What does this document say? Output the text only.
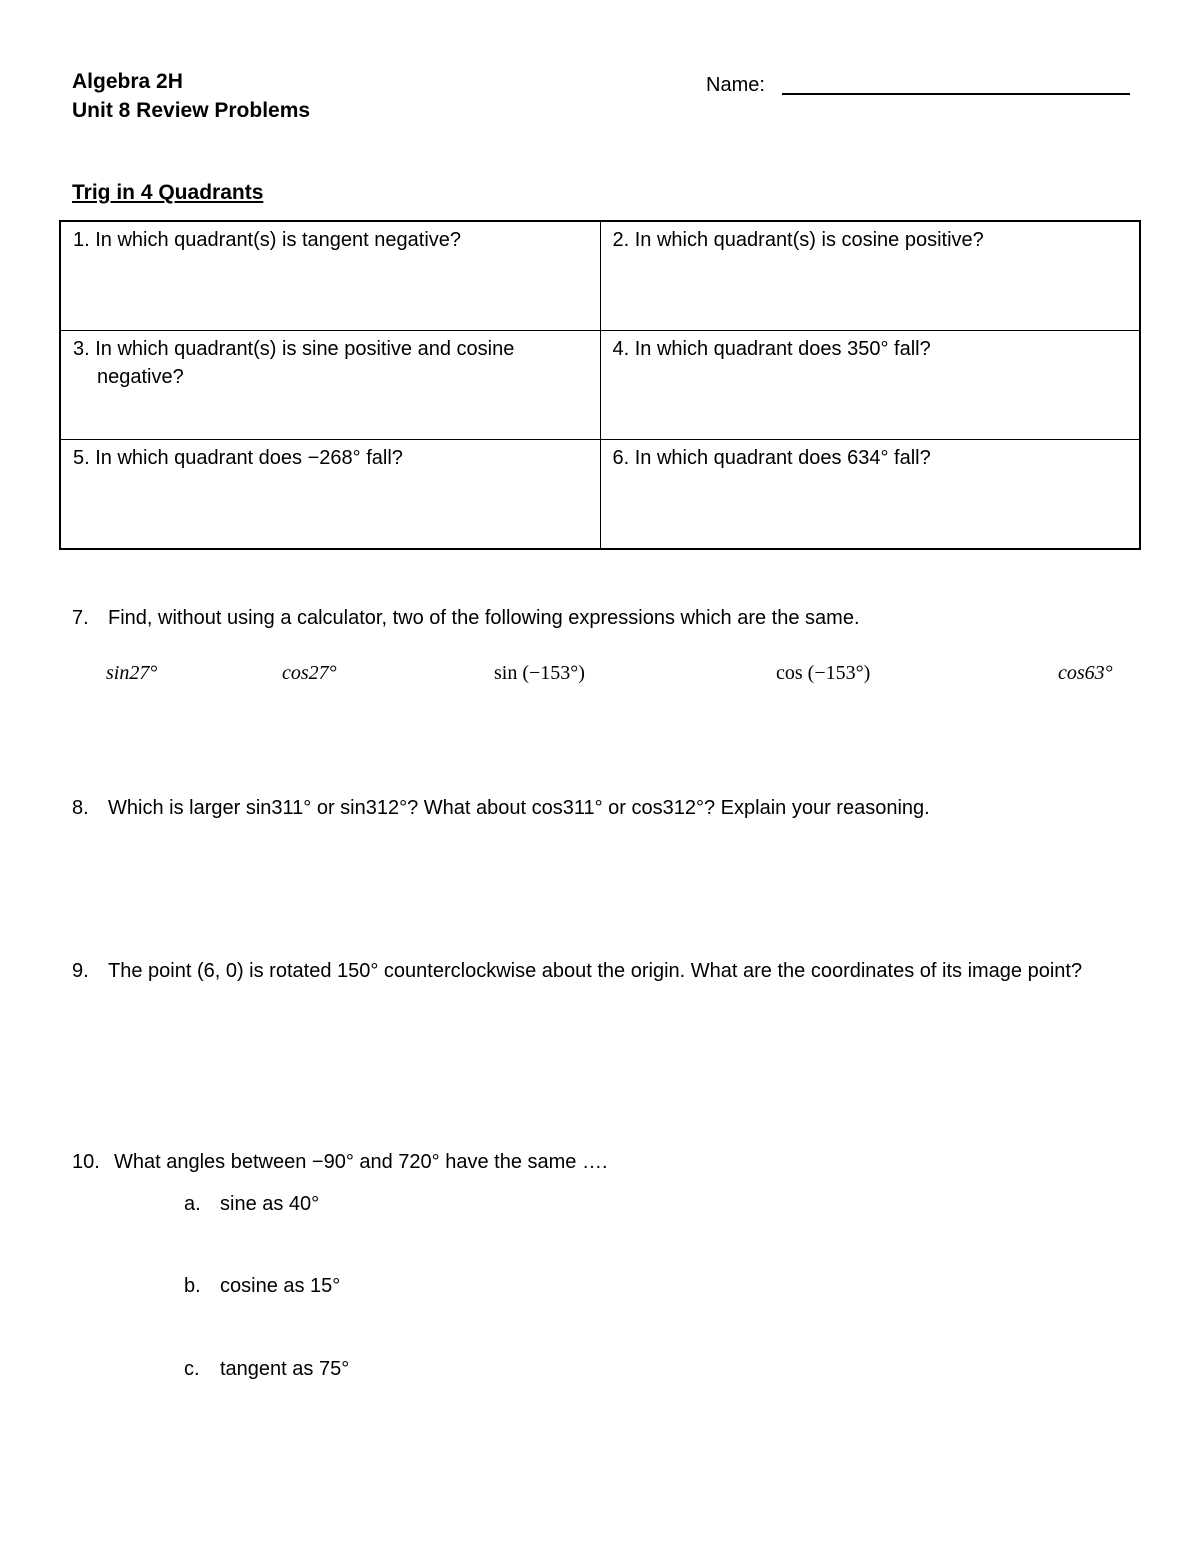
Algebra 2H
Unit 8 Review Problems
Name:
Trig in 4 Quadrants
1. In which quadrant(s) is tangent negative?	2. In which quadrant(s) is cosine positive?

3. In which quadrant(s) is sine positive and cosine negative?	4. In which quadrant does 350° fall?

5. In which quadrant does −268° fall?	6. In which quadrant does 634° fall?
7. Find, without using a calculator, two of the following expressions which are the same.
sin27°	cos27°	sin (−153°)	cos (−153°)	cos63°
8. Which is larger sin311° or sin312°? What about cos311° or cos312°? Explain your reasoning.
9. The point (6, 0) is rotated 150° counterclockwise about the origin. What are the coordinates of its image point?
10. What angles between −90° and 720° have the same ….
a. sine as 40°
b. cosine as 15°
c. tangent as 75°
